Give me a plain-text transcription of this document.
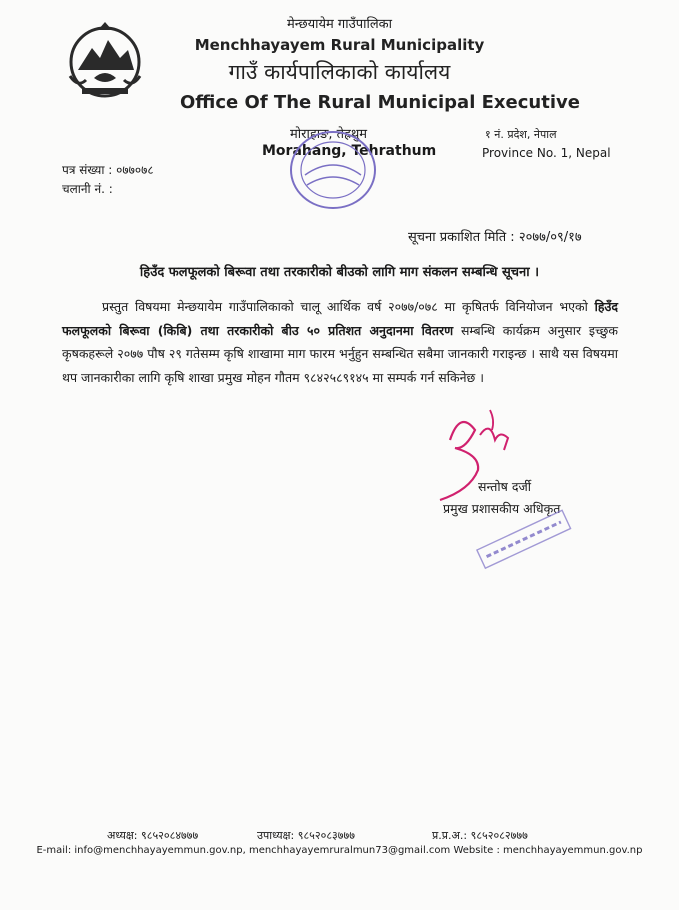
मेन्छयायेम गाउँपालिका
Menchhayayem Rural Municipality
गाउँ कार्यपालिकाको कार्यालय
Office Of The Rural Municipal Executive
मोराहाङ, तेह्रथुम
Morahang, Tehrathum
१ नं. प्रदेश, नेपाल
Province No. 1, Nepal
पत्र संख्या : ०७७०७८
चलानी नं. :
सूचना प्रकाशित मिति : २०७७/०९/१७
हिउँद फलफूलको बिरूवा तथा तरकारीको बीउको लागि माग संकलन सम्बन्धि सूचना ।

प्रस्तुत विषयमा मेन्छयायेम गाउँपालिकाको चालू आर्थिक वर्ष २०७७/०७८ मा कृषितर्फ विनियोजन भएको हिउँद फलफूलको बिरूवा (किबि) तथा तरकारीको बीउ ५० प्रतिशत अनुदानमा वितरण सम्बन्धि कार्यक्रम अनुसार इच्छुक कृषकहरूले २०७७ पौष २९ गतेसम्म कृषि शाखामा माग फारम भर्नुहुन सम्बन्धित सबैमा जानकारी गराइन्छ । साथै यस विषयमा थप जानकारीका लागि कृषि शाखा प्रमुख मोहन गौतम ९८४२५८९१४५ मा सम्पर्क गर्न सकिनेछ ।

सन्तोष दर्जी
प्रमुख प्रशासकीय अधिकृत
अध्यक्ष: ९८५२०८४७७७	उपाध्यक्ष: ९८५२०८३७७७	प्र.प्र.अ.: ९८५२०८२७७७
E-mail: info@menchhayayemmun.gov.np, menchhayayemruralmun73@gmail.com Website : menchhayayemmun.gov.np
